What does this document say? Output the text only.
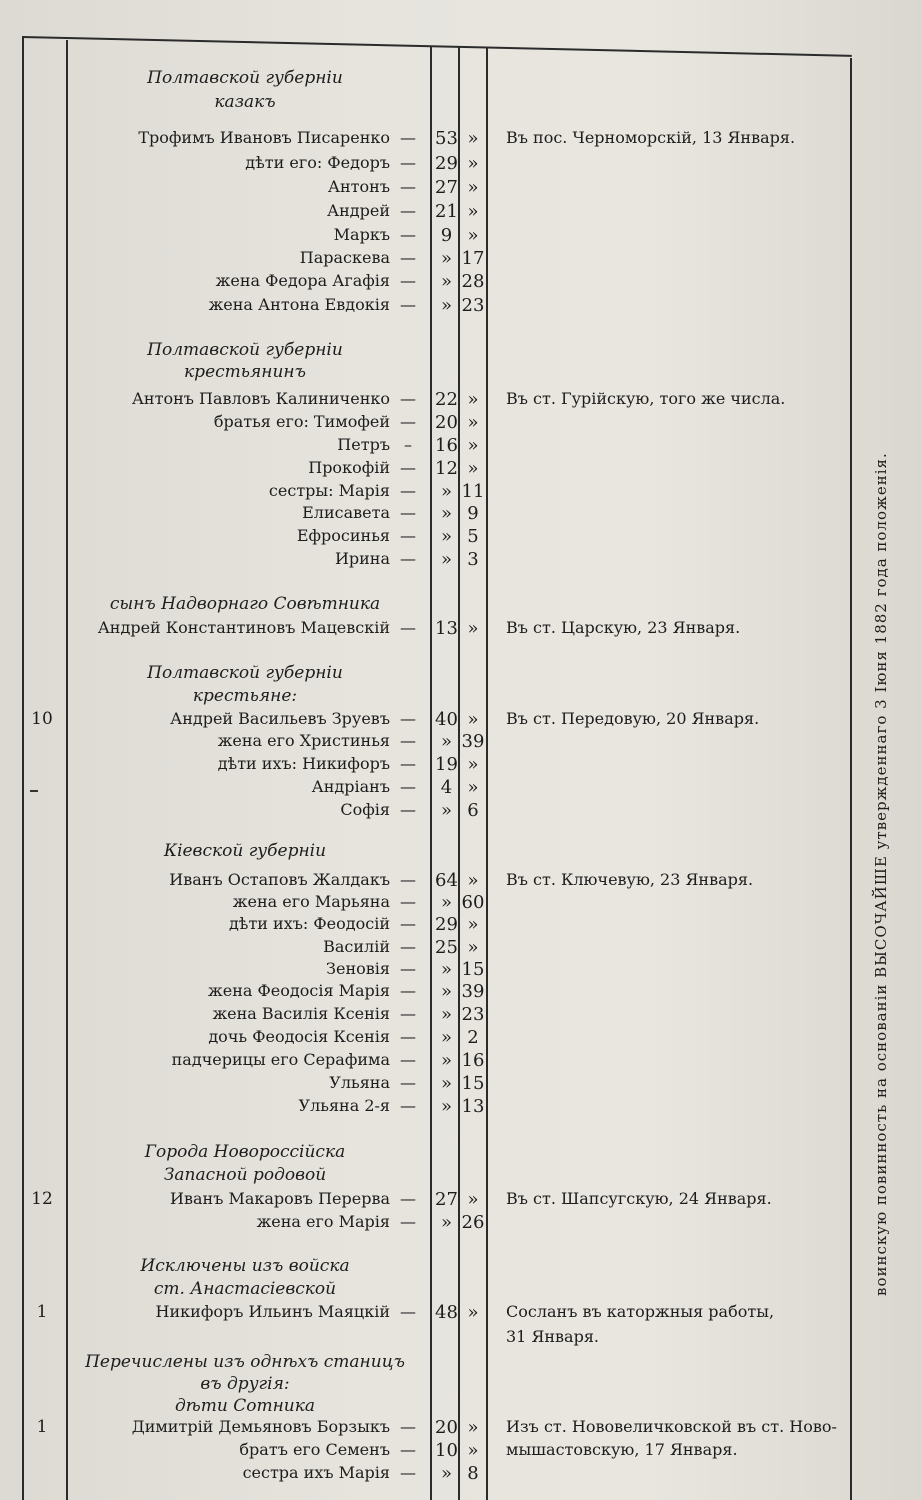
воинскую повинность на основаніи ВЫСОЧАЙШЕ утвержденнаго 3 Іюня 1882 года положенія.
Полтавской губерніи
казакъ
Трофимъ Ивановъ Писаренко — 53 »	Въ пос. Черноморскій, 13 Января.
дѣти его: Федоръ — 29 »
Антонъ — 27 »
Андрей — 21 »
Маркъ —	9 »
Параскева —	» 17
жена Федора Агафія —	» 28
жена Антона Евдокія —	» 23
Полтавской губерніи
крестьянинъ
Антонъ Павловъ Калиниченко — 22 »	Въ ст. Гурійскую, того же числа.
братья его: Тимофей — 20 »
Петръ –	16 »
Прокофій — 12 »
сестры: Марія —	» 11
Елисавета —	» 9
Ефросинья —	» 5
Ирина —	» 3
сынъ Надворнаго Совѣтника
Андрей Константиновъ Мацевскій — 13 »	Въ ст. Царскую, 23 Января.
Полтавской губерніи
крестьяне:
10	Андрей Васильевъ Зруевъ — 40 »	Въ ст. Передовую, 20 Января.
жена его Христинья —	» 39
дѣти ихъ: Никифоръ — 19 »
Андріанъ —	4 »
Софія —	» 6
Кіевской губерніи
Иванъ Остаповъ Жалдакъ — 64 »	Въ ст. Ключевую, 23 Января.
жена его Марьяна —	» 60
дѣти ихъ: Феодосій — 29 »
Василій — 25 »
Зеновія —	» 15
жена Феодосія Марія —	» 39
жена Василія Ксенія —	» 23
дочь Феодосія Ксенія —	» 2
падчерицы его Серафима —	» 16
Ульяна —	» 15
Ульяна 2-я —	» 13
Города Новороссійска
Запасной родовой
12	Иванъ Макаровъ Перерва — 27 »	Въ ст. Шапсугскую, 24 Января.
жена его Марія —	» 26
Исключены изъ войска
ст. Анастасіевской
1	Никифоръ Ильинъ Маяцкій — 48 »	Сосланъ въ каторжныя работы,
31 Января.
Перечислены изъ однѣхъ станицъ
въ другія:
дѣти Сотника
1	Димитрій Демьяновъ Борзыкъ — 20 »	Изъ ст. Нововеличковской въ ст. Ново-
братъ его Семенъ — 10 »	мышастовскую, 17 Января.
сестра ихъ Марія —	» 8
